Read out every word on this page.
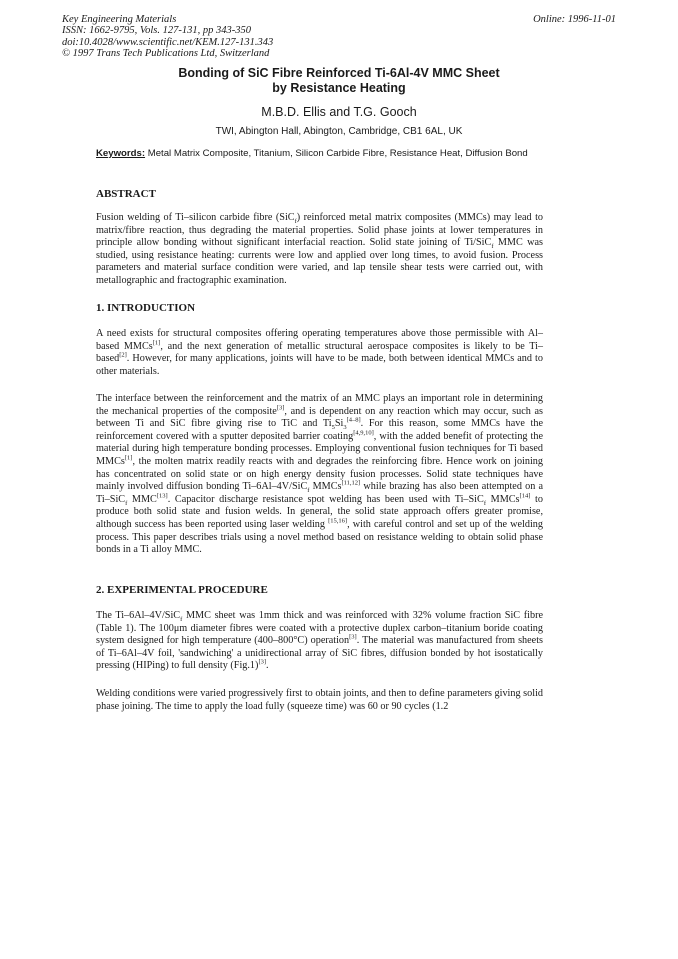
Key Engineering Materials
ISSN: 1662-9795, Vols. 127-131, pp 343-350
doi:10.4028/www.scientific.net/KEM.127-131.343
© 1997 Trans Tech Publications Ltd, Switzerland
Online: 1996-11-01
Bonding of SiC Fibre Reinforced Ti-6Al-4V MMC Sheet
by Resistance Heating
M.B.D. Ellis and T.G. Gooch
TWI, Abington Hall, Abington, Cambridge, CB1 6AL, UK
Keywords: Metal Matrix Composite, Titanium, Silicon Carbide Fibre, Resistance Heat, Diffusion Bond
ABSTRACT

Fusion welding of Ti–silicon carbide fibre (SiC$_f$) reinforced metal matrix composites (MMCs) may lead to matrix/fibre reaction, thus degrading the material properties. Solid phase joints at lower temperatures in principle allow bonding without significant interfacial reaction. Solid state joining of Ti/SiC$_f$ MMC was studied, using resistance heating: currents were low and applied over long times, to avoid fusion. Process parameters and material surface condition were varied, and lap tensile shear tests were carried out, with metallographic and fractographic examination.

1. INTRODUCTION

A need exists for structural composites offering operating temperatures above those permissible with Al–based MMCs[1], and the next generation of metallic structural aerospace composites is likely to be Ti–based[2]. However, for many applications, joints will have to be made, both between identical MMCs and to other materials.

The interface between the reinforcement and the matrix of an MMC plays an important role in determining the mechanical properties of the composite[3], and is dependent on any reaction which may occur, such as between Ti and SiC fibre giving rise to TiC and $Ti_5Si_3[4-8]$. For this reason, some MMCs have the reinforcement covered with a sputter deposited barrier coating[4,9,10], with the added benefit of protecting the material during high temperature bonding processes. Employing conventional fusion techniques for Ti based MMCs[1], the molten matrix readily reacts with and degrades the reinforcing fibre. Hence work on joining has concentrated on solid state or on high energy density fusion processes. Solid state techniques have mainly involved diffusion bonding Ti–6Al–4V/SiC$_f$ MMCs[11,12] while brazing has also been attempted on a Ti–SiC$_f$ MMC[13]. Capacitor discharge resistance spot welding has been used with Ti–SiC$_f$ MMCs[14] to produce both solid state and fusion welds. In general, the solid state approach offers greater promise, although success has been reported using laser welding [15,16], with careful control and set up of the welding process. This paper describes trials using a novel method based on resistance welding to obtain solid phase bonds in a Ti alloy MMC.

2. EXPERIMENTAL PROCEDURE

The Ti–6Al–4V/SiC$_f$ MMC sheet was 1mm thick and was reinforced with 32% volume fraction SiC fibre (Table 1). The 100μm diameter fibres were coated with a protective duplex carbon–titanium boride coating system designed for high temperature (400–800°C) operation[3]. The material was manufactured from sheets of Ti–6Al–4V foil, 'sandwiching' a unidirectional array of SiC fibres, diffusion bonded by hot isostatically pressing (HIPing) to full density (Fig.1)[3].

Welding conditions were varied progressively first to obtain joints, and then to define parameters giving solid phase joining. The time to apply the load fully (squeeze time) was 60 or 90 cycles (1.2
